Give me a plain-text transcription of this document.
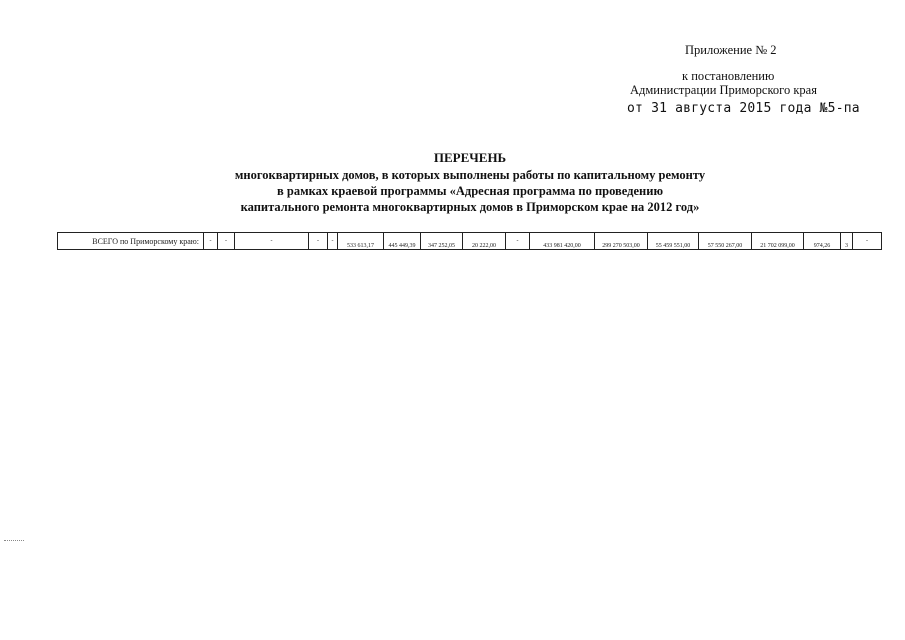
Приложение № 2
к постановлению
Администрации Приморского края
от 31 августа 2015 года №5-па
ПЕРЕЧЕНЬ
многоквартирных домов, в которых выполнены работы по капитальному ремонту
в рамках краевой программы «Адресная программа по проведению
капитального ремонта многоквартирных домов в Приморском крае на 2012 год»
ВСЕГО по Приморскому краю:	-	-	-	-	-	533 613,17	445 449,39	347 252,05	20 222,00	-	433 981 420,00	299 270 503,00	55 459 551,00	57 550 267,00	21 702 099,00	974,26	3	-
